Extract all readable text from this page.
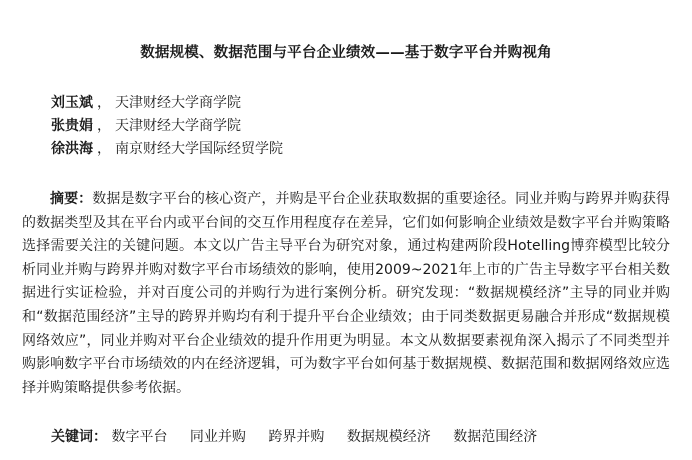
数据规模、数据范围与平台企业绩效——基于数字平台并购视角
刘玉斌 ， 天津财经大学商学院
张贵娟 ， 天津财经大学商学院
徐洪海 ， 南京财经大学国际经贸学院
摘要：数据是数字平台的核心资产，并购是平台企业获取数据的重要途径。同业并购与跨界并购获得的数据类型及其在平台内或平台间的交互作用程度存在差异，它们如何影响企业绩效是数字平台并购策略选择需要关注的关键问题。本文以广告主导平台为研究对象，通过构建两阶段Hotelling博弈模型比较分析同业并购与跨界并购对数字平台市场绩效的影响，使用2009~2021年上市的广告主导数字平台相关数据进行实证检验，并对百度公司的并购行为进行案例分析。研究发现：“数据规模经济”主导的同业并购和“数据范围经济”主导的跨界并购均有利于提升平台企业绩效；由于同类数据更易融合并形成“数据规模网络效应”，同业并购对平台企业绩效的提升作用更为明显。本文从数据要素视角深入揭示了不同类型并购影响数字平台市场绩效的内在经济逻辑，可为数字平台如何基于数据规模、数据范围和数据网络效应选择并购策略提供参考依据。
关键词： 数字平台 同业并购 跨界并购 数据规模经济 数据范围经济
